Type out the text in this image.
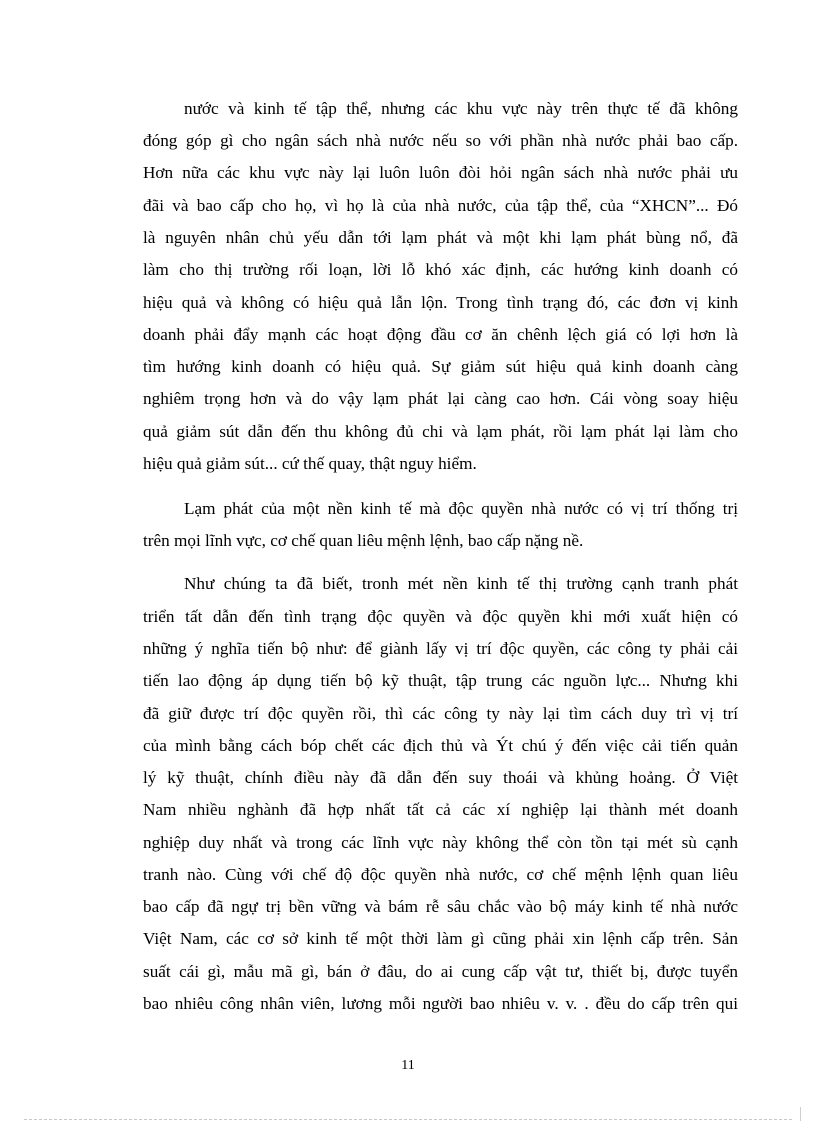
nước và kinh tế tập thể, nhưng các khu vực này trên thực tế đã không
đóng góp gì cho ngân sách nhà nước nếu so với phần nhà nước phải bao cấp.
Hơn nữa các khu vực này lại luôn luôn đòi hỏi ngân sách nhà nước phải ưu
đãi và bao cấp cho họ, vì họ là của nhà nước, của tập thể, của “XHCN”... Đó
là nguyên nhân chủ yếu dẫn tới lạm phát và một khi lạm phát bùng nổ, đã
làm cho thị trường rối loạn, lời lỗ khó xác định, các hướng kinh doanh có
hiệu quả và không có hiệu quả lẫn lộn. Trong tình trạng đó, các đơn vị kinh
doanh phải đẩy mạnh các hoạt động đầu cơ ăn chênh lệch giá có lợi hơn là
tìm hướng kinh doanh có hiệu quả. Sự giảm sút hiệu quả kinh doanh càng
nghiêm trọng hơn và do vậy lạm phát lại càng cao hơn. Cái vòng soay hiệu
quả giảm sút dẫn đến thu không đủ chi và lạm phát, rồi lạm phát lại làm cho
hiệu quả giảm sút... cứ thế quay, thật nguy hiểm.
Lạm phát của một nền kinh tế mà độc quyền nhà nước có vị trí thống trị
trên mọi lĩnh vực, cơ chế quan liêu mệnh lệnh, bao cấp nặng nề.
Như chúng ta đã biết, tronh mét nền kinh tế thị trường cạnh tranh phát
triển tất dẫn đến tình trạng độc quyền và độc quyền khi mới xuất hiện có
những ý nghĩa tiến bộ như: để giành lấy vị trí độc quyền, các công ty phải cải
tiến lao động áp dụng tiến bộ kỹ thuật, tập trung các nguồn lực... Nhưng khi
đã giữ được trí độc quyền rồi, thì các công ty này lại tìm cách duy trì vị trí
của mình bằng cách bóp chết các địch thủ và Ýt chú ý đến việc cải tiến quản
lý kỹ thuật, chính điều này đã dẫn đến suy thoái và khủng hoảng. Ở Việt
Nam nhiều nghành đã hợp nhất tất cả các xí nghiệp lại thành mét doanh
nghiệp duy nhất và trong các lĩnh vực này không thể còn tồn tại mét sù cạnh
tranh nào. Cùng với chế độ độc quyền nhà nước, cơ chế mệnh lệnh quan liêu
bao cấp đã ngự trị bền vững và bám rễ sâu chắc vào bộ máy kinh tế nhà nước
Việt Nam, các cơ sở kinh tế một thời làm gì cũng phải xin lệnh cấp trên. Sản
suất cái gì, mẫu mã gì, bán ở đâu, do ai cung cấp vật tư, thiết bị, được tuyển
bao nhiêu công nhân viên, lương mỗi người bao nhiêu v. v. . đều do cấp trên qui
11
